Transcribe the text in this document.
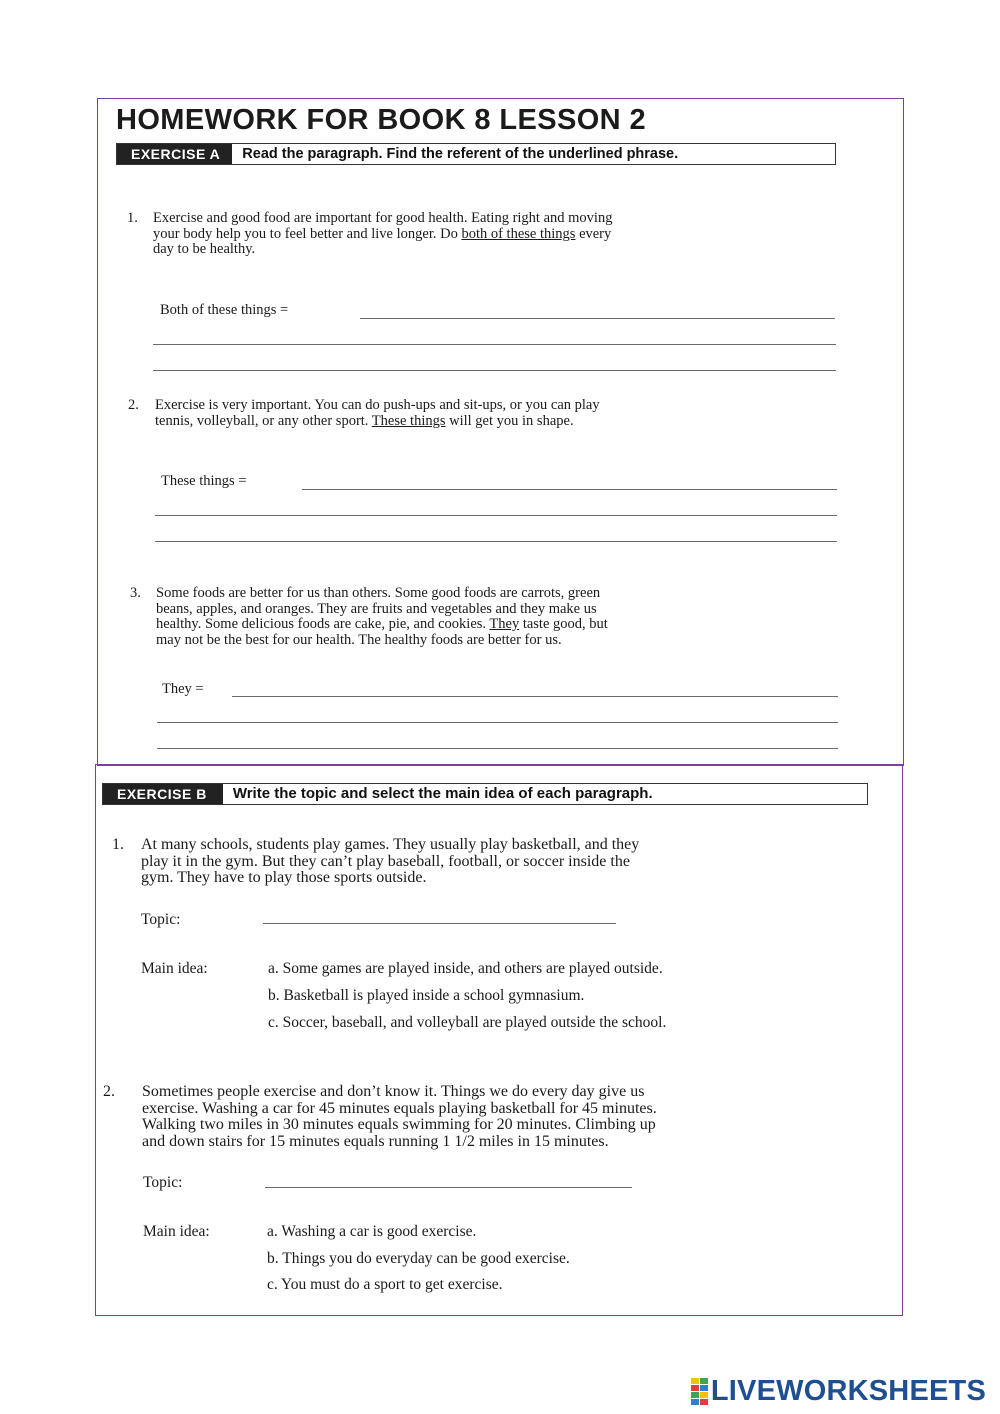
HOMEWORK FOR BOOK 8 LESSON 2
EXERCISE A	Read the paragraph. Find the referent of the underlined phrase.
1. Exercise and good food are important for good health. Eating right and moving
your body help you to feel better and live longer. Do both of these things every
day to be healthy.
Both of these things =
2. Exercise is very important. You can do push-ups and sit-ups, or you can play
tennis, volleyball, or any other sport. These things will get you in shape.
These things =
3. Some foods are better for us than others. Some good foods are carrots, green
beans, apples, and oranges. They are fruits and vegetables and they make us
healthy. Some delicious foods are cake, pie, and cookies. They taste good, but
may not be the best for our health. The healthy foods are better for us.
They =
EXERCISE B	Write the topic and select the main idea of each paragraph.
1. At many schools, students play games. They usually play basketball, and they
play it in the gym. But they can’t play baseball, football, or soccer inside the
gym. They have to play those sports outside.
Topic:
Main idea:	a. Some games are played inside, and others are played outside.
b. Basketball is played inside a school gymnasium.
c. Soccer, baseball, and volleyball are played outside the school.
2. Sometimes people exercise and don’t know it. Things we do every day give us
exercise. Washing a car for 45 minutes equals playing basketball for 45 minutes.
Walking two miles in 30 minutes equals swimming for 20 minutes. Climbing up
and down stairs for 15 minutes equals running 1 1/2 miles in 15 minutes.
Topic:
Main idea:	a. Washing a car is good exercise.
b. Things you do everyday can be good exercise.
c. You must do a sport to get exercise.
LIVEWORKSHEETS
